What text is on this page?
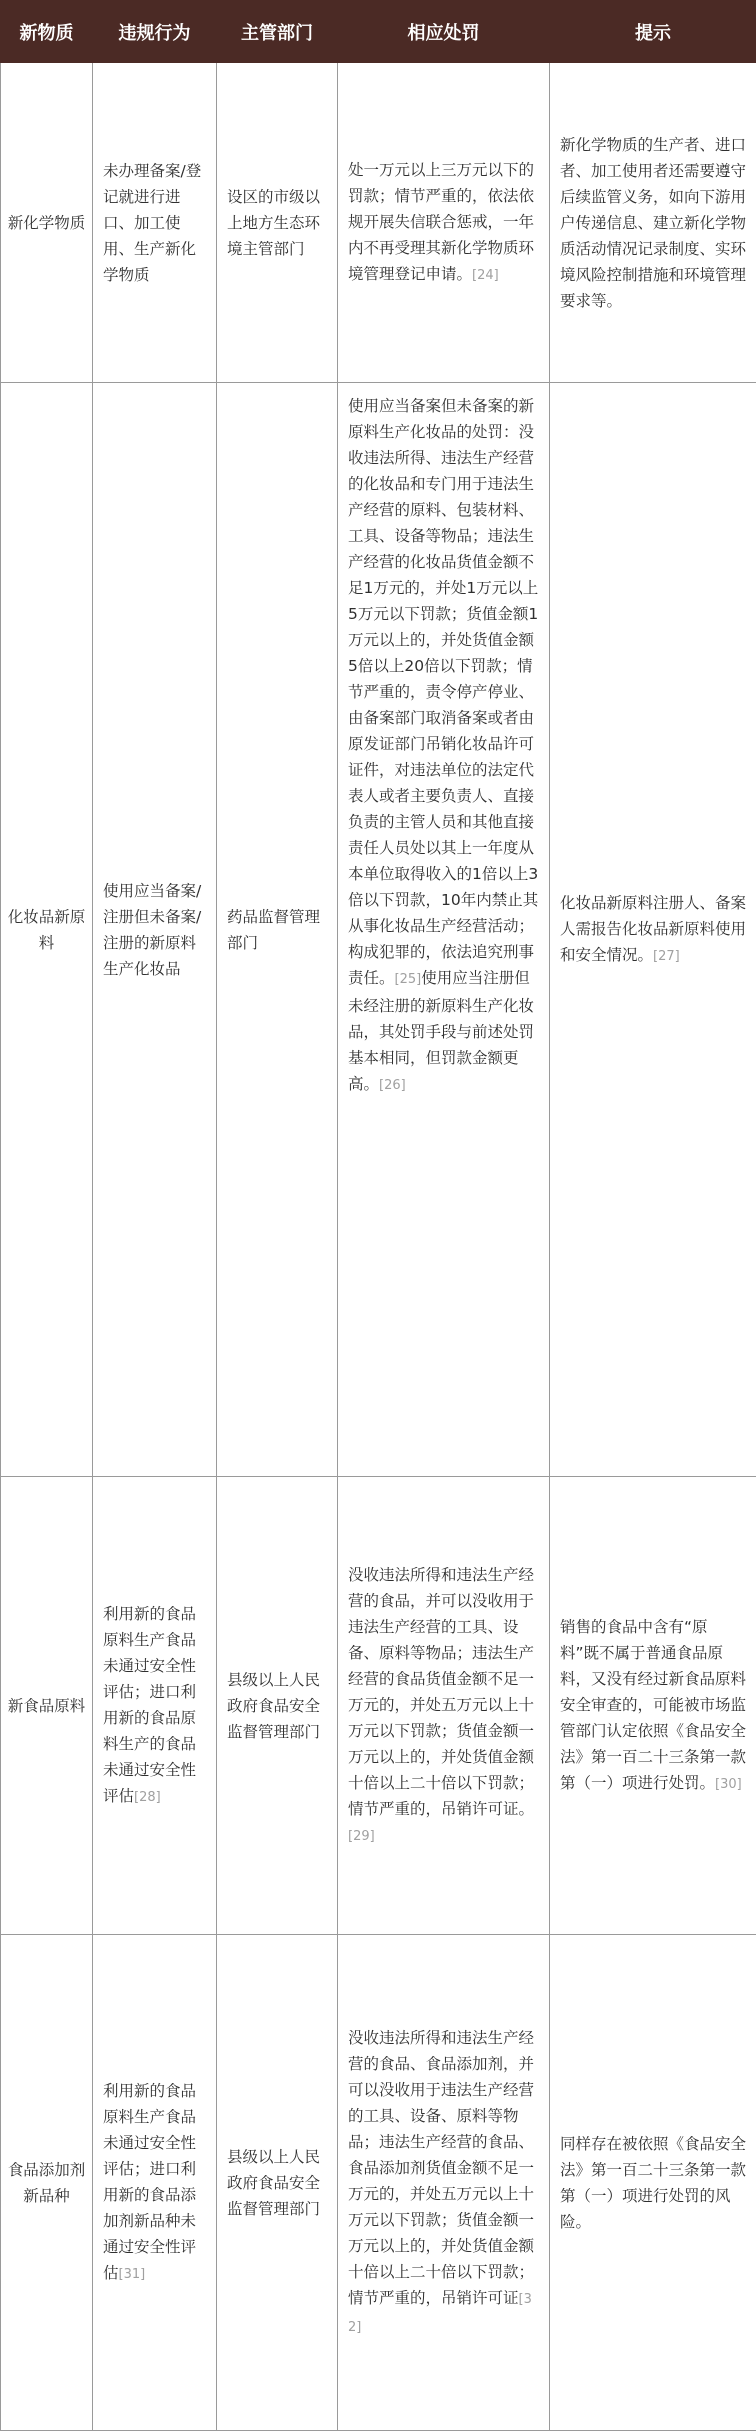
新物质	违规行为	主管部门	相应处罚	提示
新化学物质	未办理备案/登记就进行进口、加工使用、生产新化学物质	设区的市级以上地方生态环境主管部门	处一万元以上三万元以下的罚款；情节严重的，依法依规开展失信联合惩戒，一年内不再受理其新化学物质环境管理登记申请。[24]	新化学物质的生产者、进口者、加工使用者还需要遵守后续监管义务，如向下游用户传递信息、建立新化学物质活动情况记录制度、实环境风险控制措施和环境管理要求等。
化妆品新原料	使用应当备案/注册但未备案/注册的新原料生产化妆品	药品监督管理部门	使用应当备案但未备案的新原料生产化妆品的处罚：没收违法所得、违法生产经营的化妆品和专门用于违法生产经营的原料、包装材料、工具、设备等物品；违法生产经营的化妆品货值金额不足1万元的，并处1万元以上5万元以下罚款；货值金额1万元以上的，并处货值金额5倍以上20倍以下罚款；情节严重的，责令停产停业、由备案部门取消备案或者由原发证部门吊销化妆品许可证件，对违法单位的法定代表人或者主要负责人、直接负责的主管人员和其他直接责任人员处以其上一年度从本单位取得收入的1倍以上3倍以下罚款，10年内禁止其从事化妆品生产经营活动；构成犯罪的，依法追究刑事责任。[25]使用应当注册但未经注册的新原料生产化妆品，其处罚手段与前述处罚基本相同，但罚款金额更高。[26]	化妆品新原料注册人、备案人需报告化妆品新原料使用和安全情况。[27]
新食品原料	利用新的食品原料生产食品未通过安全性评估；进口利用新的食品原料生产的食品未通过安全性评估[28]	县级以上人民政府食品安全监督管理部门	没收违法所得和违法生产经营的食品，并可以没收用于违法生产经营的工具、设备、原料等物品；违法生产经营的食品货值金额不足一万元的，并处五万元以上十万元以下罚款；货值金额一万元以上的，并处货值金额十倍以上二十倍以下罚款；情节严重的，吊销许可证。[29]	销售的食品中含有“原料”既不属于普通食品原料，又没有经过新食品原料安全审查的，可能被市场监管部门认定依照《食品安全法》第一百二十三条第一款第（一）项进行处罚。[30]
食品添加剂新品种	利用新的食品原料生产食品未通过安全性评估；进口利用新的食品添加剂新品种未通过安全性评估[31]	县级以上人民政府食品安全监督管理部门	没收违法所得和违法生产经营的食品、食品添加剂，并可以没收用于违法生产经营的工具、设备、原料等物品；违法生产经营的食品、食品添加剂货值金额不足一万元的，并处五万元以上十万元以下罚款；货值金额一万元以上的，并处货值金额十倍以上二十倍以下罚款；情节严重的，吊销许可证[32]	同样存在被依照《食品安全法》第一百二十三条第一款第（一）项进行处罚的风险。
